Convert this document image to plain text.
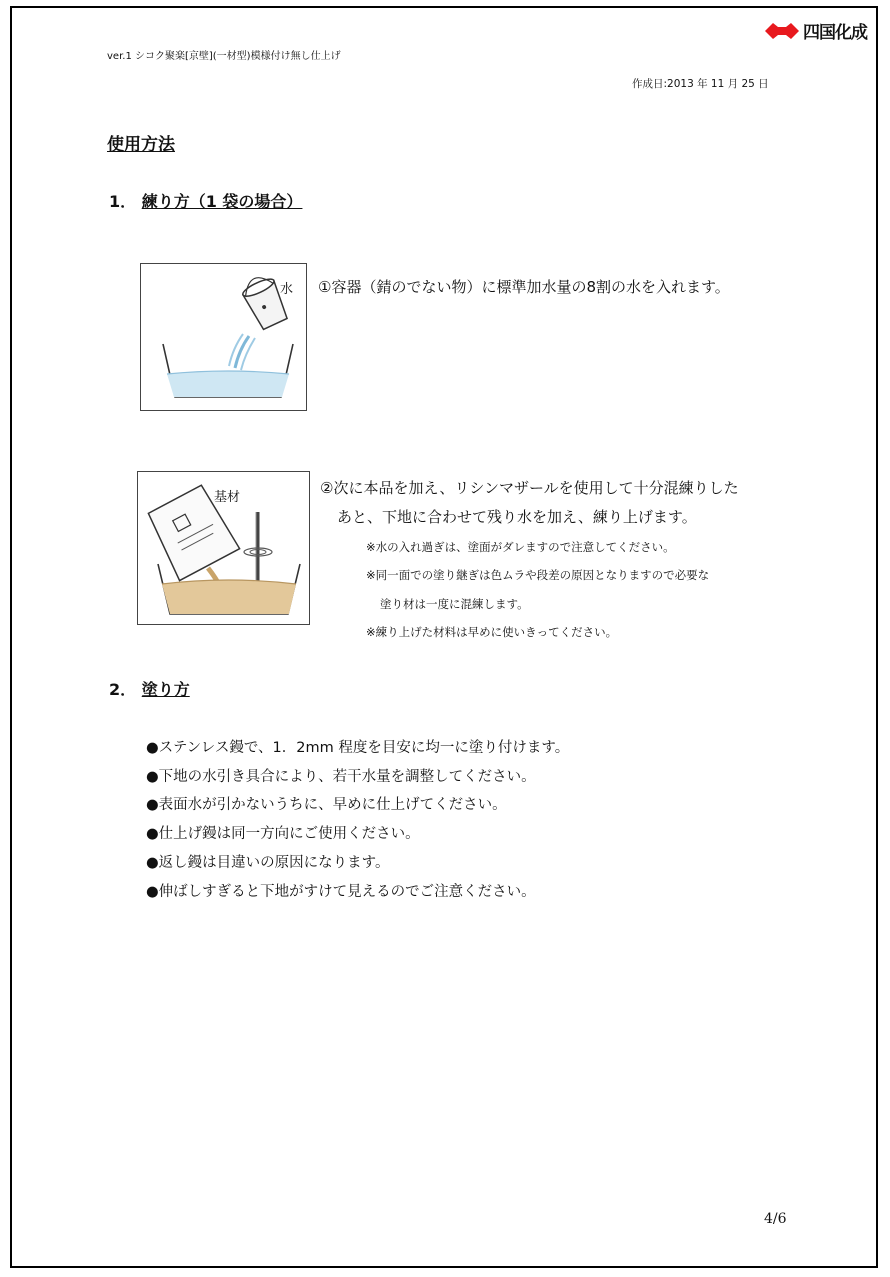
ver.1 シコク聚楽[京壁](一材型)模様付け無し仕上げ
四国化成
作成日:2013 年 11 月 25 日
使用方法
1． 練り方（1 袋の場合）
水 ①容器（錆のでない物）に標準加水量の8割の水を入れます。
基材
②次に本品を加え、リシンマザールを使用して十分混練りした
あと、下地に合わせて残り水を加え、練り上げます。
※水の入れ過ぎは、塗面がダレますので注意してください。
※同一面での塗り継ぎは色ムラや段差の原因となりますので必要な
塗り材は一度に混練します。
※練り上げた材料は早めに使いきってください。
2． 塗り方
●ステンレス鏝で、1．2mm 程度を目安に均一に塗り付けます。
●下地の水引き具合により、若干水量を調整してください。
●表面水が引かないうちに、早めに仕上げてください。
●仕上げ鏝は同一方向にご使用ください。
●返し鏝は目違いの原因になります。
●伸ばしすぎると下地がすけて見えるのでご注意ください。
4/6
